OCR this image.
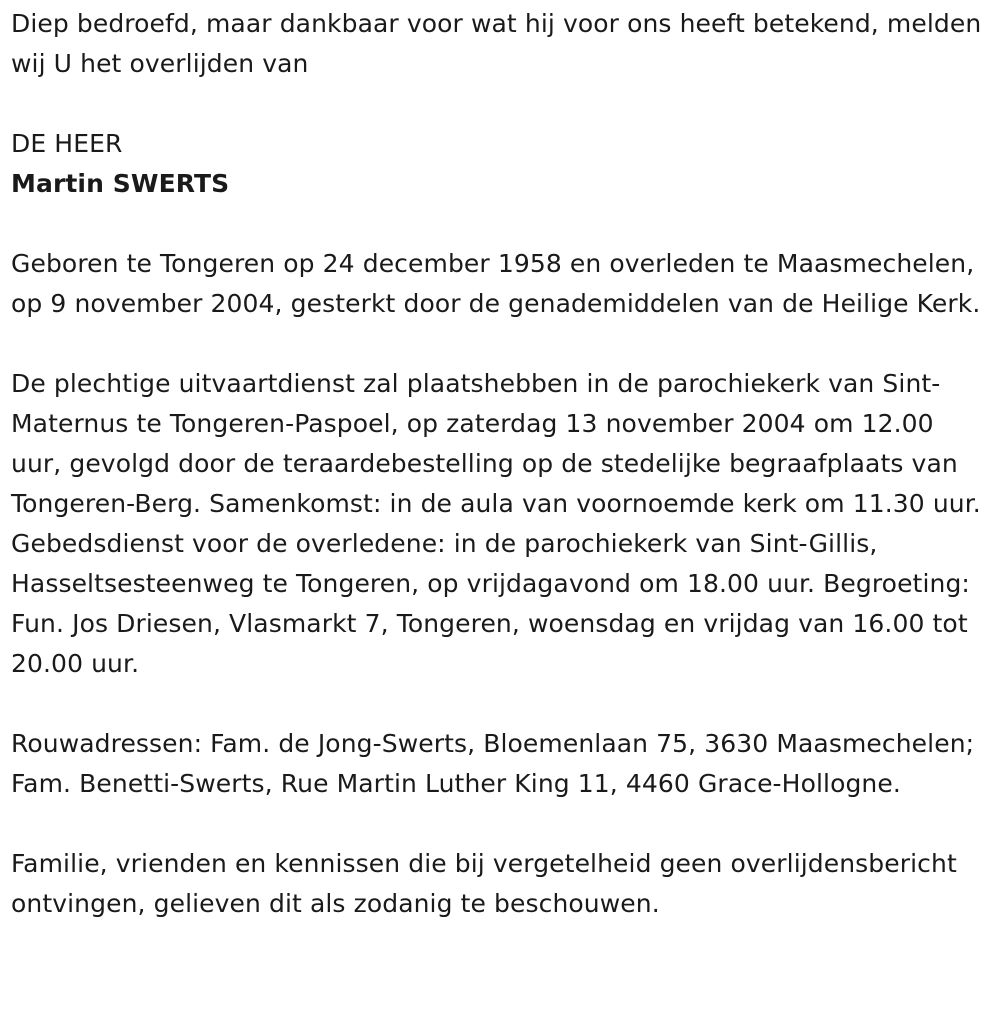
Diep bedroefd, maar dankbaar voor wat hij voor ons heeft betekend, melden wij U het overlijden van

DE HEER

Martin SWERTS

Geboren te Tongeren op 24 december 1958 en overleden te Maasmechelen, op 9 november 2004, gesterkt door de genademiddelen van de Heilige Kerk.

De plechtige uitvaartdienst zal plaatshebben in de parochiekerk van Sint-Maternus te Tongeren-Paspoel, op zaterdag 13 november 2004 om 12.00 uur, gevolgd door de teraardebestelling op de stedelijke begraafplaats van Tongeren-Berg. Samenkomst: in de aula van voornoemde kerk om 11.30 uur. Gebedsdienst voor de overledene: in de parochiekerk van Sint-Gillis, Hasseltsesteenweg te Tongeren, op vrijdagavond om 18.00 uur. Begroeting: Fun. Jos Driesen, Vlasmarkt 7, Tongeren, woensdag en vrijdag van 16.00 tot 20.00 uur.

Rouwadressen: Fam. de Jong-Swerts, Bloemenlaan 75, 3630 Maasmechelen; Fam. Benetti-Swerts, Rue Martin Luther King 11, 4460 Grace-Hollogne.

Familie, vrienden en kennissen die bij vergetelheid geen overlijdensbericht ontvingen, gelieven dit als zodanig te beschouwen.
